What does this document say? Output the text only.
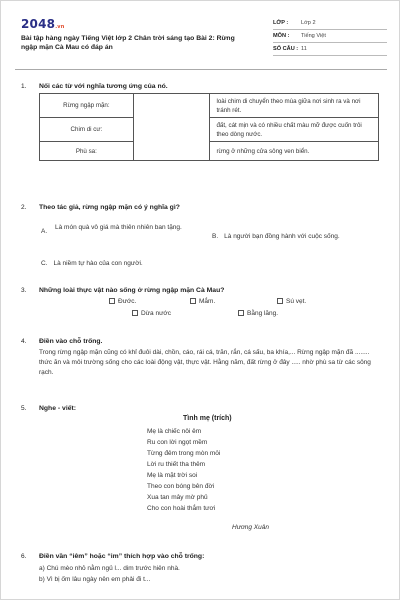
2048.vn
Bài tập hàng ngày Tiếng Việt lớp 2 Chân trời sáng tạo Bài 2: Rừng ngập mặn Cà Mau có đáp án
LỚP :	Lớp 2
MÔN :	Tiếng Việt
SỐ CÂU : 11
1. Nối các từ với nghĩa tương ứng của nó.
Rừng ngập mặn:		loài chim di chuyển theo mùa giữa nơi sinh ra và nơi tránh rét.
Chim di cư:		đất, cát mịn và có nhiều chất màu mỡ được cuốn trôi theo dòng nước.
Phù sa:		rừng ở những cửa sông ven biển.
2. Theo tác giả, rừng ngập mặn có ý nghĩa gì?
A.
Là món quà vô giá mà thiên nhiên ban tặng.
B. Là người bạn đồng hành với cuộc sống.
C. Là niềm tự hào của con người.
3. Những loài thực vật nào sống ở rừng ngập mặn Cà Mau?
Đước.	Mắm.	Sú vẹt.
Dừa nước	Bằng lăng.
4. Điền vào chỗ trống.
Trong rừng ngập mặn cũng có khỉ đuôi dài, chồn, cáo, rái cá, trăn, rắn, cá sấu, ba khía,... Rừng ngập mặn đã ........ thức ăn và môi trường sống cho các loài động vật, thực vật. Hằng năm, đất rừng ở đây ..... nhờ phù sa từ các sông rạch.
5. Nghe - viết:
Tình mẹ (trích)
Mẹ là chiếc nôi êm
Ru con lời ngọt mềm
Từng đêm trong mòn mỏi
Lời ru thiết tha thêm
Mẹ là mặt trời soi
Theo con bóng bên đời
Xua tan mây mờ phủ
Cho con hoài thắm tươi
Hương Xuân
6. Điền vần “iêm” hoặc “im” thích hợp vào chỗ trống:
a) Chú mèo nhỏ nằm ngủ l... dim trước hiên nhà.
b) Vì bị ốm lâu ngày nên em phải đi t...
